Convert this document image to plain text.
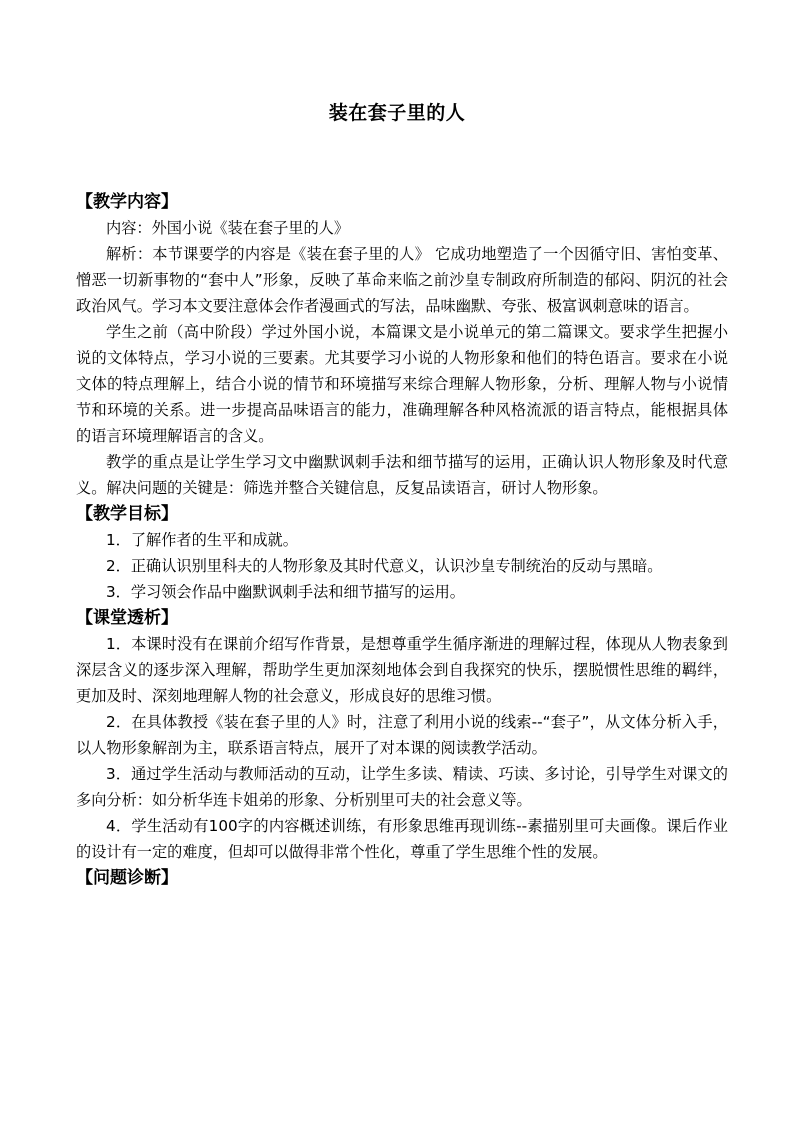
装在套子里的人
【教学内容】

内容：外国小说《装在套子里的人》

解析：本节课要学的内容是《装在套子里的人》 它成功地塑造了一个因循守旧、害怕变革、憎恶一切新事物的“套中人”形象，反映了革命来临之前沙皇专制政府所制造的郁闷、阴沉的社会政治风气。学习本文要注意体会作者漫画式的写法，品味幽默、夸张、极富讽刺意味的语言。

学生之前（高中阶段）学过外国小说，本篇课文是小说单元的第二篇课文。要求学生把握小说的文体特点，学习小说的三要素。尤其要学习小说的人物形象和他们的特色语言。要求在小说文体的特点理解上，结合小说的情节和环境描写来综合理解人物形象，分析、理解人物与小说情节和环境的关系。进一步提高品味语言的能力，准确理解各种风格流派的语言特点，能根据具体的语言环境理解语言的含义。

教学的重点是让学生学习文中幽默讽刺手法和细节描写的运用，正确认识人物形象及时代意义。解决问题的关键是：筛选并整合关键信息，反复品读语言，研讨人物形象。

【教学目标】

1．了解作者的生平和成就。

2．正确认识别里科夫的人物形象及其时代意义，认识沙皇专制统治的反动与黑暗。

3．学习领会作品中幽默讽刺手法和细节描写的运用。

【课堂透析】

1．本课时没有在课前介绍写作背景，是想尊重学生循序渐进的理解过程，体现从人物表象到深层含义的逐步深入理解，帮助学生更加深刻地体会到自我探究的快乐，摆脱惯性思维的羁绊，更加及时、深刻地理解人物的社会意义，形成良好的思维习惯。

2．在具体教授《装在套子里的人》时，注意了利用小说的线索--“套子”，从文体分析入手，以人物形象解剖为主，联系语言特点，展开了对本课的阅读教学活动。

3．通过学生活动与教师活动的互动，让学生多读、精读、巧读、多讨论，引导学生对课文的多向分析：如分析华连卡姐弟的形象、分析别里可夫的社会意义等。

4．学生活动有100字的内容概述训练，有形象思维再现训练--素描别里可夫画像。课后作业的设计有一定的难度，但却可以做得非常个性化，尊重了学生思维个性的发展。

【问题诊断】
